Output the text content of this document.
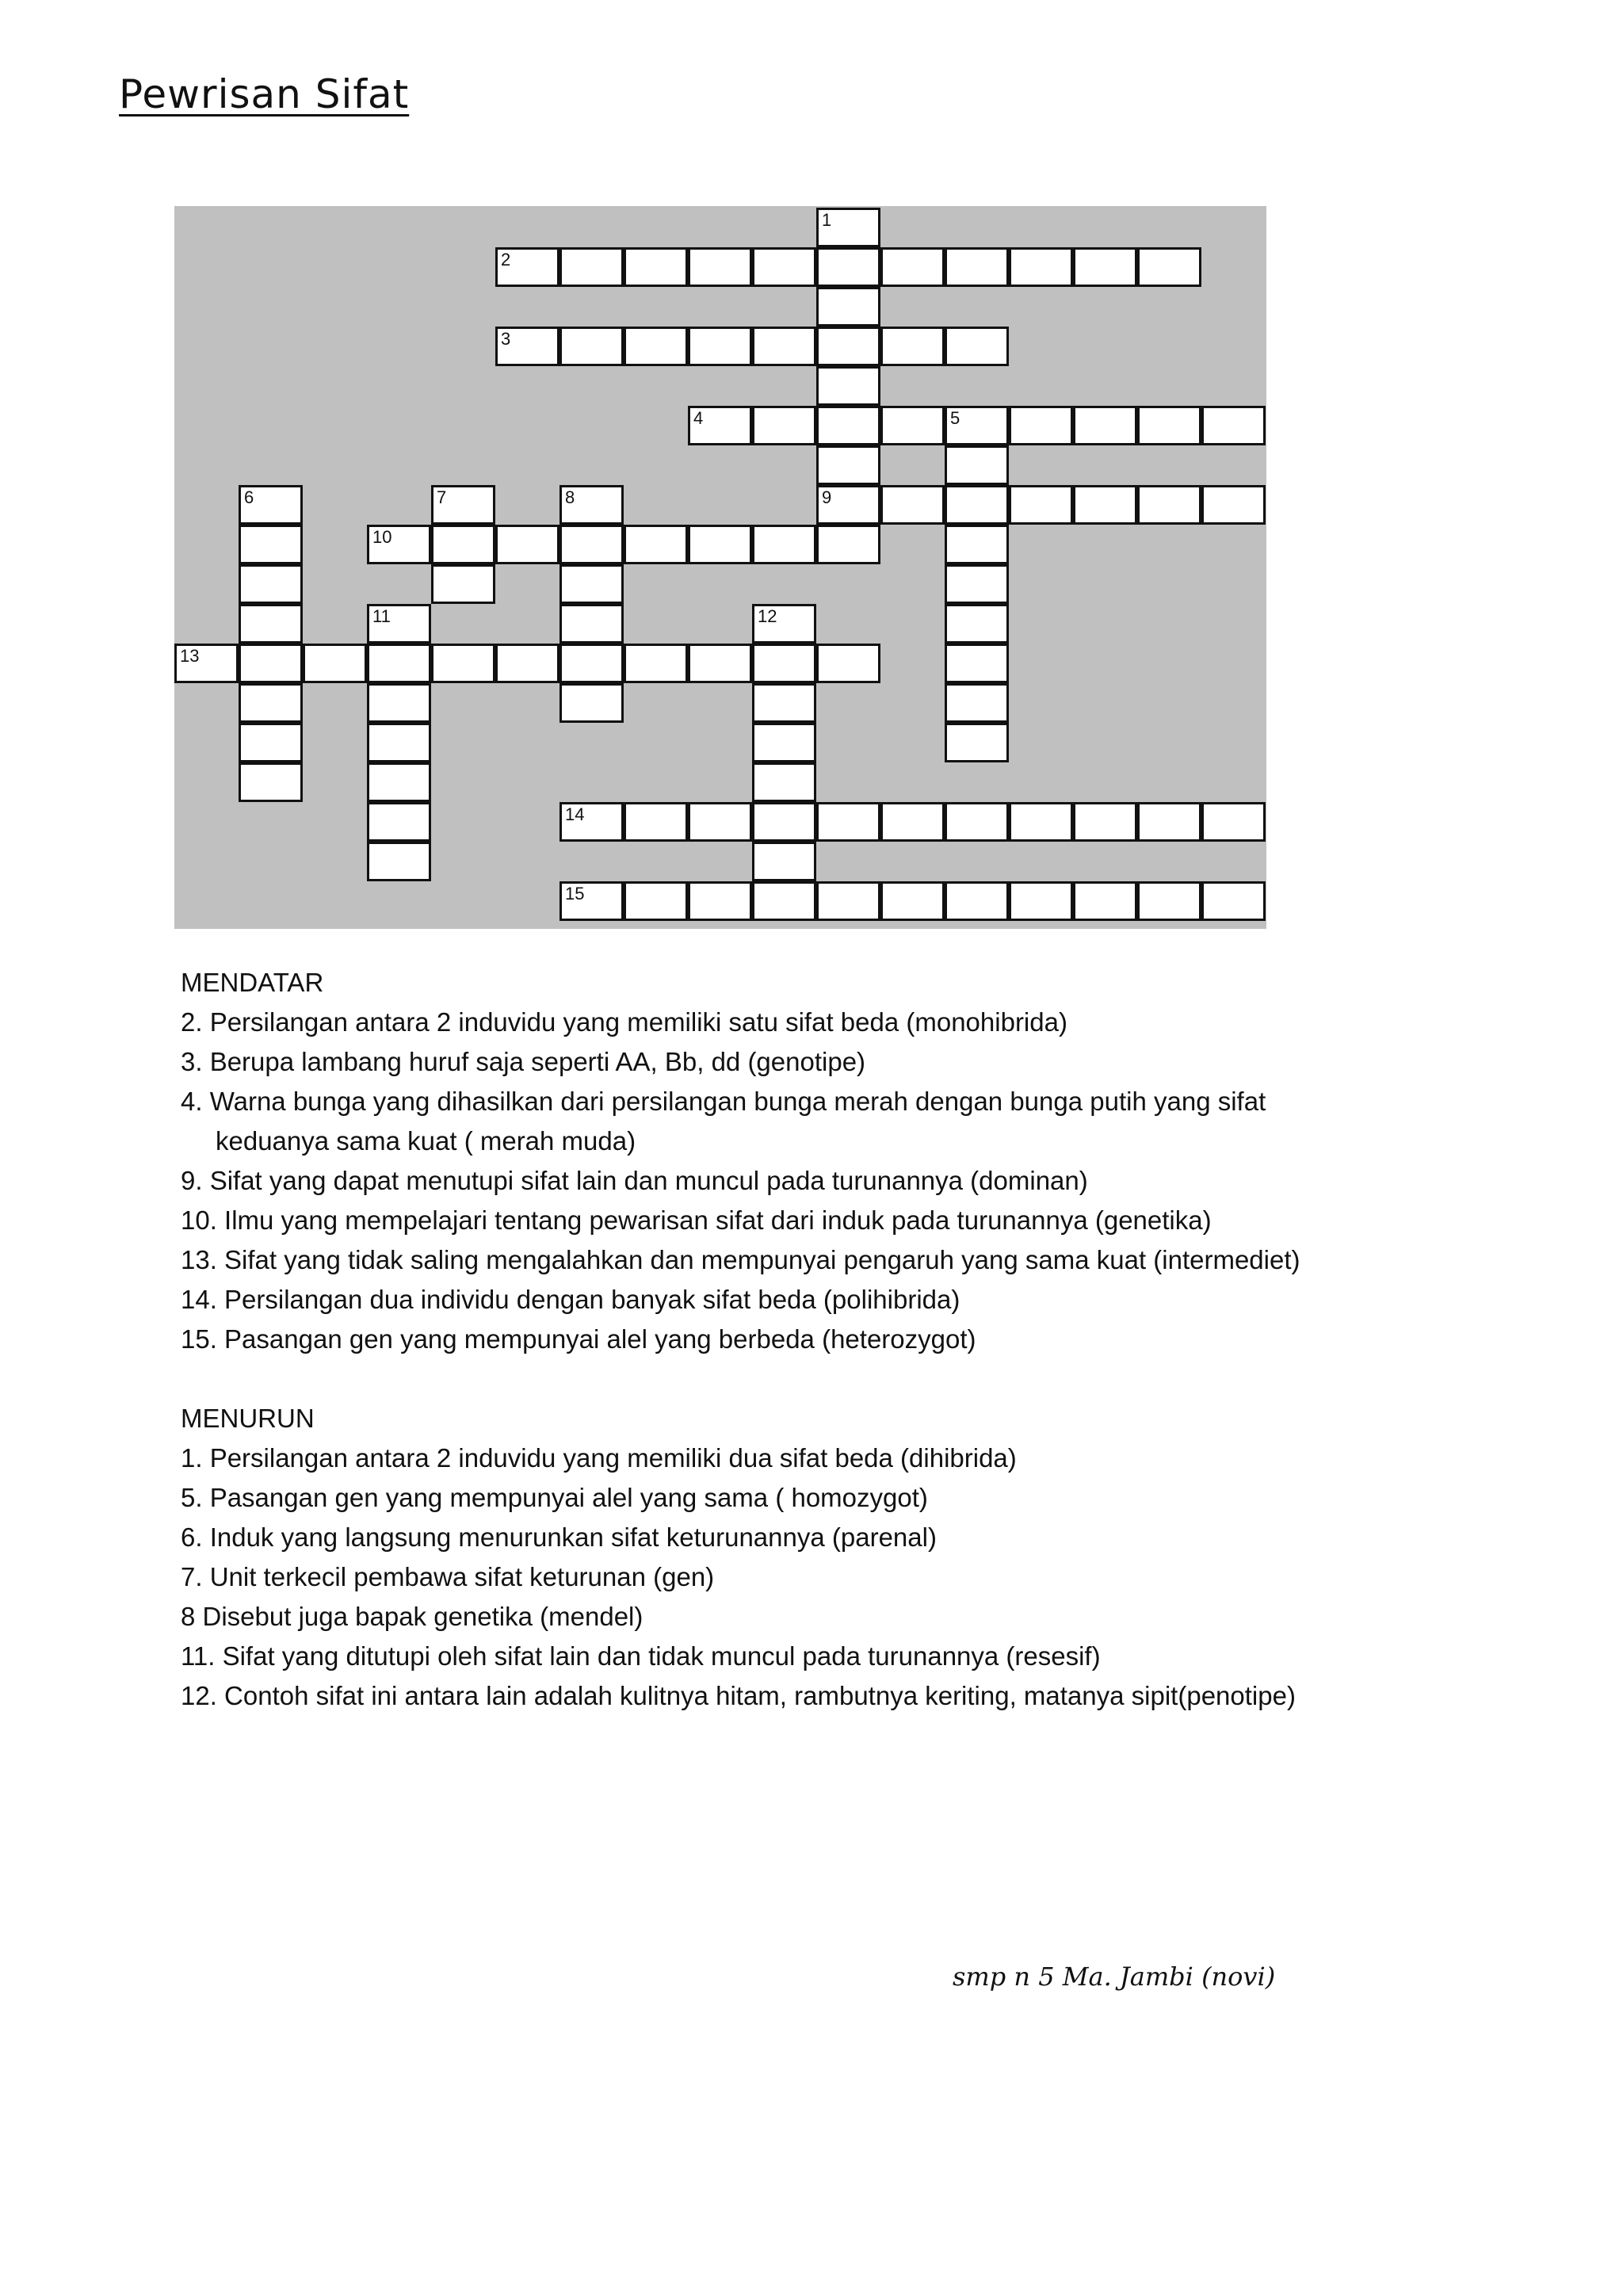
Pewrisan Sifat
1
2
3
4	5
6	7	8	9
10
11	12
13
14
15
MENDATAR
2. Persilangan antara 2 induvidu yang memiliki satu sifat beda (monohibrida)
3. Berupa lambang huruf saja seperti AA, Bb, dd (genotipe)
4. Warna bunga yang dihasilkan dari persilangan bunga merah dengan bunga putih yang sifat
keduanya sama kuat ( merah muda)
9. Sifat yang dapat menutupi sifat lain dan muncul pada turunannya (dominan)
10. Ilmu yang mempelajari tentang pewarisan sifat dari induk pada turunannya (genetika)
13. Sifat yang tidak saling mengalahkan dan mempunyai pengaruh yang sama kuat (intermediet)
14. Persilangan dua individu dengan banyak sifat beda (polihibrida)
15. Pasangan gen yang mempunyai alel yang berbeda (heterozygot)
MENURUN
1. Persilangan antara 2 induvidu yang memiliki dua sifat beda (dihibrida)
5. Pasangan gen yang mempunyai alel yang sama ( homozygot)
6. Induk yang langsung menurunkan sifat keturunannya (parenal)
7. Unit terkecil pembawa sifat keturunan (gen)
8 Disebut juga bapak genetika (mendel)
11. Sifat yang ditutupi oleh sifat lain dan tidak muncul pada turunannya (resesif)
12. Contoh sifat ini antara lain adalah kulitnya hitam, rambutnya keriting, matanya sipit(penotipe)
smp n 5 Ma. Jambi (novi)
